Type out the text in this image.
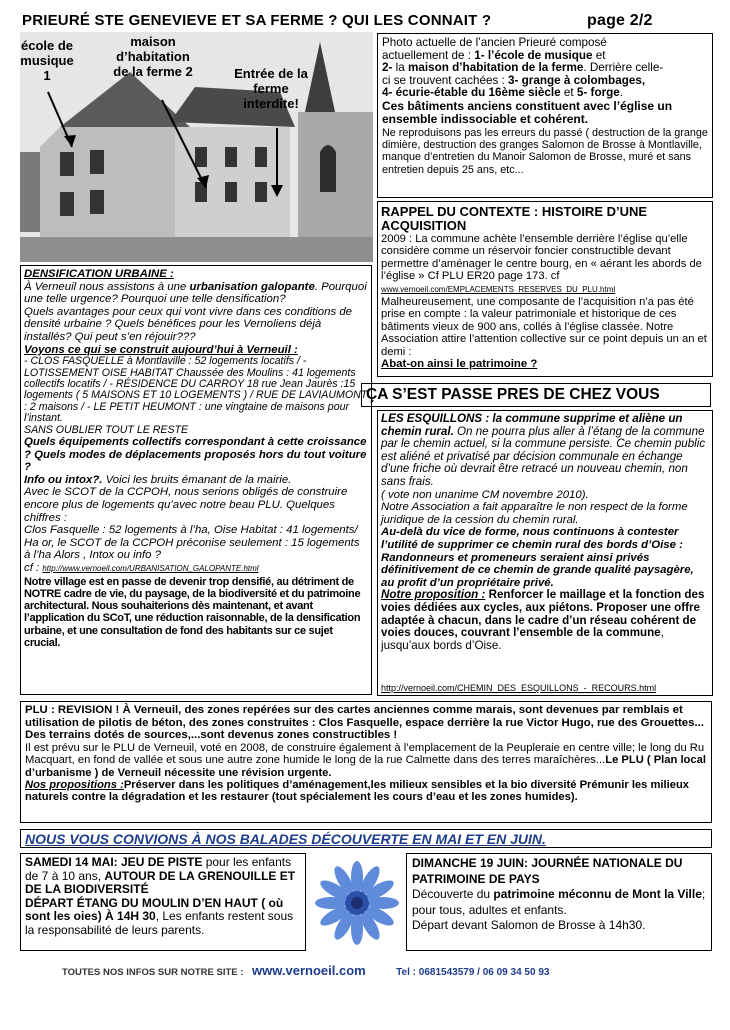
PRIEURÉ STE GENEVIEVE ET SA FERME ? QUI LES CONNAIT ?	page 2/2
école de musique 1
maison d’habitation de la ferme 2	Entrée de la ferme interdite!
Photo actuelle de l’ancien Prieuré composé
actuellement de : 1- l’école de musique et
2- la maison d’habitation de la ferme. Derrière celle-
ci se trouvent cachées : 3- grange à colombages,
4- écurie-étable du 16ème siècle et 5- forge.
Ces bâtiments anciens constituent avec l’église un ensemble indissociable et cohérent.
Ne reproduisons pas les erreurs du passé ( destruction de la grange dimière, destruction des granges Salomon de Brosse à Montlaville, manque d’entretien du Manoir Salomon de Brosse, muré et sans entretien depuis 25 ans, etc...
RAPPEL DU CONTEXTE : HISTOIRE D’UNE ACQUISITION
2009 : La commune achète l’ensemble derrière l’église qu’elle considère comme un réservoir foncier constructible devant permettre d’aménager le centre bourg, en « aérant les abords de l’église » Cf PLU ER20 page 173. cf www.vernoeil.com/EMPLACEMENTS_RESERVES_DU_PLU.html
Malheureusement, une composante de l’acquisition n’a pas été prise en compte : la valeur patrimoniale et historique de ces bâtiments vieux de 900 ans, collés à l’église classée. Notre Association attire l’attention collective sur ce point depuis un an et demi :
Abat-on ainsi le patrimoine ?
DENSIFICATION URBAINE :
À Verneuil nous assistons à une urbanisation galopante. Pourquoi une telle urgence? Pourquoi une telle densification?
Quels avantages pour ceux qui vont vivre dans ces conditions de densité urbaine ? Quels bénéfices pour les Vernoliens déjà installés? Qui peut s’en réjouir???
Voyons ce qui se construit aujourd’hui à Verneuil :
- CLOS FASQUELLE à Montlaville : 52 logements locatifs / - LOTISSEMENT OISE HABITAT Chaussée des Moulins : 41 logements collectifs locatifs / - RÉSIDENCE DU CARROY 18 rue Jean Jaurès :15 logements ( 5 MAISONS ET 10 LOGEMENTS ) / RUE DE LAVIAUMONT : 2 maisons / - LE PETIT HEUMONT : une vingtaine de maisons pour l’instant.
SANS OUBLIER TOUT LE RESTE
Quels équipements collectifs correspondant à cette croissance ? Quels modes de déplacements proposés hors du tout voiture ?
Info ou intox?. Voici les bruits émanant de la mairie.
Avec le SCOT de la CCPOH, nous serions obligés de construire encore plus de logements qu’avec notre beau PLU. Quelques chiffres :
Clos Fasquelle : 52 logements à l’ha, Oise Habitat : 41 logements/ Ha or, le SCOT de la CCPOH préconise seulement : 15 logements à l’ha Alors , Intox ou info ?
cf : http://www.vernoeil.com/URBANISATION_GALOPANTE.html
Notre village est en passe de devenir trop densifié, au détriment de NOTRE cadre de vie, du paysage, de la biodiversité et du patrimoine architectural. Nous souhaiterions dès maintenant, et avant l’application du SCoT, une réduction raisonnable, de la densification urbaine, et une consultation de fond des habitants sur ce sujet crucial.
ÇA S’EST PASSE PRES DE CHEZ VOUS
LES ESQUILLONS : la commune supprime et aliène un chemin rural. On ne pourra plus aller à l’étang de la commune par le chemin actuel, si la commune persiste. Ce chemin public est aliéné et privatisé par décision communale en échange d’une friche où devrait être retracé un nouveau chemin, non sans frais.
( vote non unanime CM novembre 2010).
Notre Association a fait apparaître le non respect de la forme juridique de la cession du chemin rural.
Au-delà du vice de forme, nous continuons à contester l’utilité de supprimer ce chemin rural des bords d’Oise : Randonneurs et promeneurs seraient ainsi privés définitivement de ce chemin de grande qualité paysagère, au profit d’un propriétaire privé.
Notre proposition : Renforcer le maillage et la fonction des voies dédiées aux cycles, aux piétons. Proposer une offre adaptée à chacun, dans le cadre d’un réseau cohérent de voies douces, couvrant l’ensemble de la commune, jusqu’aux bords d’Oise.
http://vernoeil.com/CHEMIN_DES_ESQUILLONS_-_RECOURS.html
PLU : REVISION ! À Verneuil, des zones repérées sur des cartes anciennes comme marais, sont devenues par remblais et utilisation de pilotis de béton, des zones construites : Clos Fasquelle, espace derrière la rue Victor Hugo, rue des Grouettes... Des terrains dotés de sources,...sont devenus zones constructibles !
Il est prévu sur le PLU de Verneuil, voté en 2008, de construire également à l’emplacement de la Peupleraie en centre ville; le long du Ru Macquart, en fond de vallée et sous une autre zone humide le long de la rue Calmette dans des terres maraîchères...Le PLU ( Plan local d’urbanisme ) de Verneuil nécessite une révision urgente.
Nos propositions :Préserver dans les politiques d’aménagement,les milieux sensibles et la bio diversité Prémunir les milieux naturels contre la dégradation et les restaurer (tout spécialement les cours d’eau et les zones humides).
NOUS VOUS CONVIONS À NOS BALADES DÉCOUVERTE EN MAI ET EN JUIN.
SAMEDI 14 MAI: JEU DE PISTE pour les enfants de 7 à 10 ans, AUTOUR DE LA GRENOUILLE ET DE LA BIODIVERSITÉ
DÉPART ÉTANG DU MOULIN D’EN HAUT ( où sont les oies) À 14H 30, Les enfants restent sous la responsabilité de leurs parents.
DIMANCHE 19 JUIN: JOURNÉE NATIONALE DU PATRIMOINE DE PAYS
Découverte du patrimoine méconnu de Mont la Ville; pour tous, adultes et enfants.
Départ devant Salomon de Brosse à 14h30.
TOUTES NOS INFOS SUR NOTRE SITE : www.vernoeil.com	Tel : 0681543579 / 06 09 34 50 93
